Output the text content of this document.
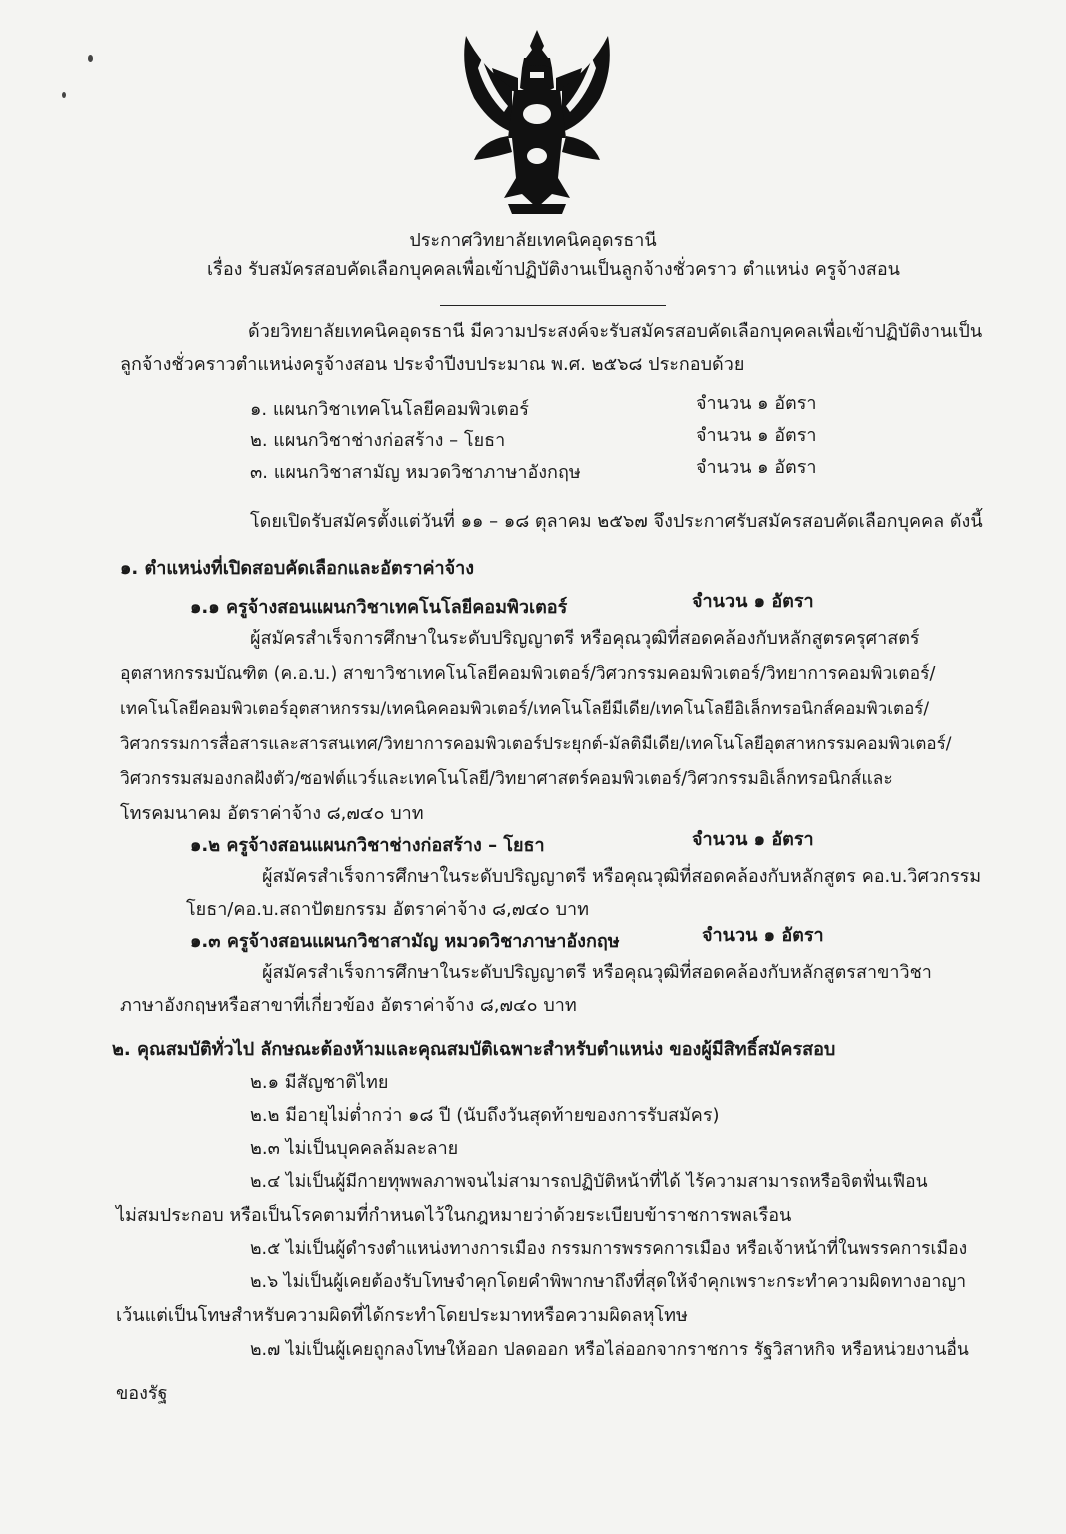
ประกาศวิทยาลัยเทคนิคอุดรธานี
เรื่อง รับสมัครสอบคัดเลือกบุคคลเพื่อเข้าปฏิบัติงานเป็นลูกจ้างชั่วคราว ตำแหน่ง ครูจ้างสอน
ด้วยวิทยาลัยเทคนิคอุดรธานี มีความประสงค์จะรับสมัครสอบคัดเลือกบุคคลเพื่อเข้าปฏิบัติงานเป็น
ลูกจ้างชั่วคราวตำแหน่งครูจ้างสอน ประจำปีงบประมาณ พ.ศ. ๒๕๖๘ ประกอบด้วย
๑. แผนกวิชาเทคโนโลยีคอมพิวเตอร์	จำนวน ๑ อัตรา
๒. แผนกวิชาช่างก่อสร้าง – โยธา	จำนวน ๑ อัตรา
๓. แผนกวิชาสามัญ หมวดวิชาภาษาอังกฤษ	จำนวน ๑ อัตรา
โดยเปิดรับสมัครตั้งแต่วันที่ ๑๑ – ๑๘ ตุลาคม ๒๕๖๗ จึงประกาศรับสมัครสอบคัดเลือกบุคคล ดังนี้
๑. ตำแหน่งที่เปิดสอบคัดเลือกและอัตราค่าจ้าง
๑.๑ ครูจ้างสอนแผนกวิชาเทคโนโลยีคอมพิวเตอร์	จำนวน ๑ อัตรา
ผู้สมัครสำเร็จการศึกษาในระดับปริญญาตรี หรือคุณวุฒิที่สอดคล้องกับหลักสูตรครุศาสตร์
อุตสาหกรรมบัณฑิต (ค.อ.บ.) สาขาวิชาเทคโนโลยีคอมพิวเตอร์/วิศวกรรมคอมพิวเตอร์/วิทยาการคอมพิวเตอร์/
เทคโนโลยีคอมพิวเตอร์อุตสาหกรรม/เทคนิคคอมพิวเตอร์/เทคโนโลยีมีเดีย/เทคโนโลยีอิเล็กทรอนิกส์คอมพิวเตอร์/
วิศวกรรมการสื่อสารและสารสนเทศ/วิทยาการคอมพิวเตอร์ประยุกต์-มัลติมีเดีย/เทคโนโลยีอุตสาหกรรมคอมพิวเตอร์/
วิศวกรรมสมองกลฝังตัว/ซอฟต์แวร์และเทคโนโลยี/วิทยาศาสตร์คอมพิวเตอร์/วิศวกรรมอิเล็กทรอนิกส์และ
โทรคมนาคม อัตราค่าจ้าง ๘,๗๔๐ บาท
๑.๒ ครูจ้างสอนแผนกวิชาช่างก่อสร้าง – โยธา	จำนวน ๑ อัตรา
ผู้สมัครสำเร็จการศึกษาในระดับปริญญาตรี หรือคุณวุฒิที่สอดคล้องกับหลักสูตร คอ.บ.วิศวกรรม
โยธา/คอ.บ.สถาปัตยกรรม อัตราค่าจ้าง ๘,๗๔๐ บาท
๑.๓ ครูจ้างสอนแผนกวิชาสามัญ หมวดวิชาภาษาอังกฤษ	จำนวน ๑ อัตรา
ผู้สมัครสำเร็จการศึกษาในระดับปริญญาตรี หรือคุณวุฒิที่สอดคล้องกับหลักสูตรสาขาวิชา
ภาษาอังกฤษหรือสาขาที่เกี่ยวข้อง อัตราค่าจ้าง ๘,๗๔๐ บาท
๒. คุณสมบัติทั่วไป ลักษณะต้องห้ามและคุณสมบัติเฉพาะสำหรับตำแหน่ง ของผู้มีสิทธิ์สมัครสอบ
๒.๑ มีสัญชาติไทย
๒.๒ มีอายุไม่ต่ำกว่า ๑๘ ปี (นับถึงวันสุดท้ายของการรับสมัคร)
๒.๓ ไม่เป็นบุคคลล้มละลาย
๒.๔ ไม่เป็นผู้มีกายทุพพลภาพจนไม่สามารถปฏิบัติหน้าที่ได้ ไร้ความสามารถหรือจิตฟั่นเฟือน
ไม่สมประกอบ หรือเป็นโรคตามที่กำหนดไว้ในกฎหมายว่าด้วยระเบียบข้าราชการพลเรือน
๒.๕ ไม่เป็นผู้ดำรงตำแหน่งทางการเมือง กรรมการพรรคการเมือง หรือเจ้าหน้าที่ในพรรคการเมือง
๒.๖ ไม่เป็นผู้เคยต้องรับโทษจำคุกโดยคำพิพากษาถึงที่สุดให้จำคุกเพราะกระทำความผิดทางอาญา
เว้นแต่เป็นโทษสำหรับความผิดที่ได้กระทำโดยประมาทหรือความผิดลหุโทษ
๒.๗ ไม่เป็นผู้เคยถูกลงโทษให้ออก ปลดออก หรือไล่ออกจากราชการ รัฐวิสาหกิจ หรือหน่วยงานอื่น
ของรัฐ
